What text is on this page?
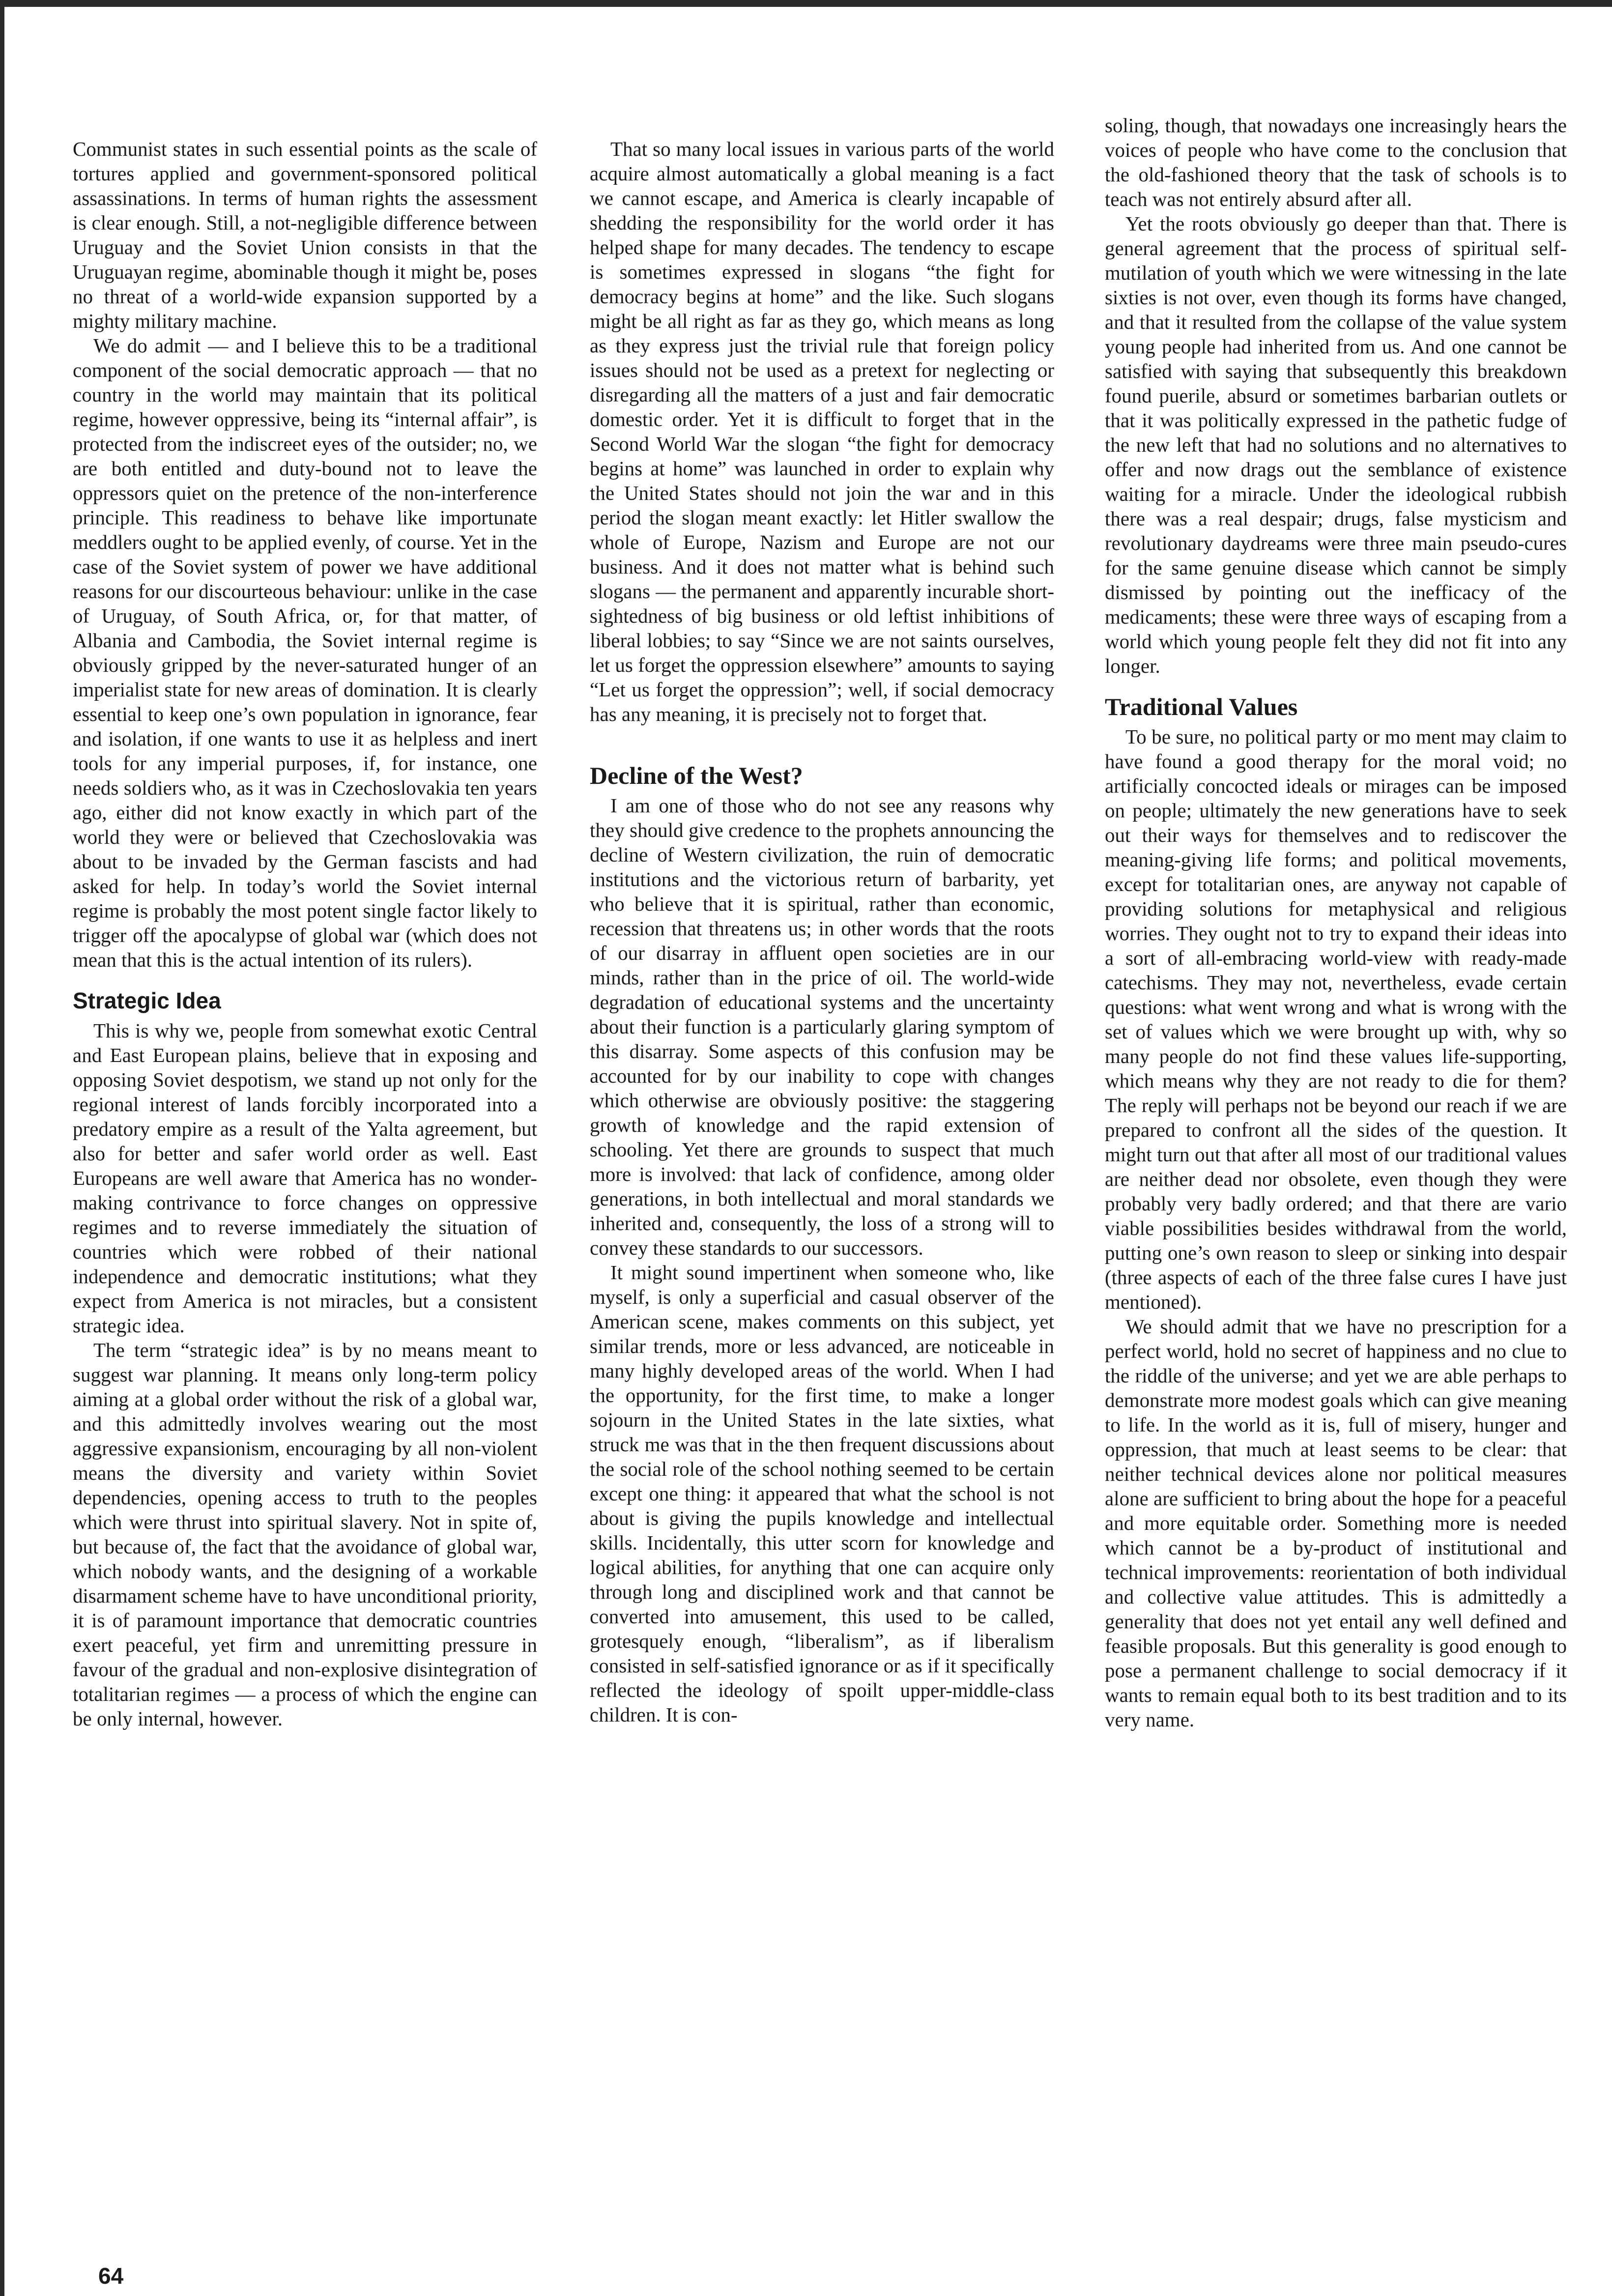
Communist states in such essential points as the scale of tortures applied and government-sponsored political assassinations. In terms of human rights the assessment is clear enough. Still, a not-negligible difference between Uruguay and the Soviet Union consists in that the Uruguayan regime, abominable though it might be, poses no threat of a world-wide expansion supported by a mighty military machine.

We do admit — and I believe this to be a traditional component of the social democratic approach — that no country in the world may maintain that its political regime, however oppressive, being its “internal affair”, is protected from the indiscreet eyes of the outsider; no, we are both entitled and duty-bound not to leave the oppressors quiet on the pretence of the non-interference principle. This readiness to behave like importunate meddlers ought to be applied evenly, of course. Yet in the case of the Soviet system of power we have additional reasons for our discourteous behaviour: unlike in the case of Uruguay, of South Africa, or, for that matter, of Albania and Cambodia, the Soviet internal regime is obviously gripped by the never-saturated hunger of an imperialist state for new areas of domination. It is clearly essential to keep one’s own population in ignorance, fear and isolation, if one wants to use it as helpless and inert tools for any imperial purposes, if, for instance, one needs soldiers who, as it was in Czechoslovakia ten years ago, either did not know exactly in which part of the world they were or believed that Czechoslovakia was about to be invaded by the German fascists and had asked for help. In today’s world the Soviet internal regime is probably the most potent single factor likely to trigger off the apocalypse of global war (which does not mean that this is the actual intention of its rulers).

Strategic Idea

This is why we, people from somewhat exotic Central and East European plains, believe that in exposing and opposing Soviet despotism, we stand up not only for the regional interest of lands forcibly incorporated into a predatory empire as a result of the Yalta agreement, but also for better and safer world order as well. East Europeans are well aware that America has no wonder-making contrivance to force changes on oppressive regimes and to reverse immediately the situation of countries which were robbed of their national independence and democratic institutions; what they expect from America is not miracles, but a consistent strategic idea.

The term “strategic idea” is by no means meant to suggest war planning. It means only long-term policy aiming at a global order without the risk of a global war, and this admittedly involves wearing out the most aggressive expansionism, encouraging by all non-violent means the diversity and variety within Soviet dependencies, opening access to truth to the peoples which were thrust into spiritual slavery. Not in spite of, but because of, the fact that the avoidance of global war, which nobody wants, and the designing of a workable disarmament scheme have to have unconditional priority, it is of paramount importance that democratic countries exert peaceful, yet firm and unremitting pressure in favour of the gradual and non-explosive disintegration of totalitarian regimes — a process of which the engine can be only internal, however.

That so many local issues in various parts of the world acquire almost automatically a global meaning is a fact we cannot escape, and America is clearly incapable of shedding the responsibility for the world order it has helped shape for many decades. The tendency to escape is sometimes expressed in slogans “the fight for democracy begins at home” and the like. Such slogans might be all right as far as they go, which means as long as they express just the trivial rule that foreign policy issues should not be used as a pretext for neglecting or disregarding all the matters of a just and fair democratic domestic order. Yet it is difficult to forget that in the Second World War the slogan “the fight for democracy begins at home” was launched in order to explain why the United States should not join the war and in this period the slogan meant exactly: let Hitler swallow the whole of Europe, Nazism and Europe are not our business. And it does not matter what is behind such slogans — the permanent and apparently incurable short-sightedness of big business or old leftist inhibitions of liberal lobbies; to say “Since we are not saints ourselves, let us forget the oppression elsewhere” amounts to saying “Let us forget the oppression”; well, if social democracy has any meaning, it is precisely not to forget that.

Decline of the West?

I am one of those who do not see any reasons why they should give credence to the prophets announcing the decline of Western civilization, the ruin of democratic institutions and the victorious return of barbarity, yet who believe that it is spiritual, rather than economic, recession that threatens us; in other words that the roots of our disarray in affluent open societies are in our minds, rather than in the price of oil. The world-wide degradation of educational systems and the uncertainty about their function is a particularly glaring symptom of this disarray. Some aspects of this confusion may be accounted for by our inability to cope with changes which otherwise are obviously positive: the staggering growth of knowledge and the rapid extension of schooling. Yet there are grounds to suspect that much more is involved: that lack of confidence, among older generations, in both intellectual and moral standards we inherited and, consequently, the loss of a strong will to convey these standards to our successors.

It might sound impertinent when someone who, like myself, is only a superficial and casual observer of the American scene, makes comments on this subject, yet similar trends, more or less advanced, are noticeable in many highly developed areas of the world. When I had the opportunity, for the first time, to make a longer sojourn in the United States in the late sixties, what struck me was that in the then frequent discussions about the social role of the school nothing seemed to be certain except one thing: it appeared that what the school is not about is giving the pupils knowledge and intellectual skills. Incidentally, this utter scorn for knowledge and logical abilities, for anything that one can acquire only through long and disciplined work and that cannot be converted into amusement, this used to be called, grotesquely enough, “liberalism”, as if liberalism consisted in self-satisfied ignorance or as if it specifically reflected the ideology of spoilt upper-middle-class children. It is con-

soling, though, that nowadays one increasingly hears the voices of people who have come to the conclusion that the old-fashioned theory that the task of schools is to teach was not entirely absurd after all.

Yet the roots obviously go deeper than that. There is general agreement that the process of spiritual self-mutilation of youth which we were witnessing in the late sixties is not over, even though its forms have changed, and that it resulted from the collapse of the value system young people had inherited from us. And one cannot be satisfied with saying that subsequently this breakdown found puerile, absurd or sometimes barbarian outlets or that it was politically expressed in the pathetic fudge of the new left that had no solutions and no alternatives to offer and now drags out the semblance of existence waiting for a miracle. Under the ideological rubbish there was a real despair; drugs, false mysticism and revolutionary daydreams were three main pseudo-cures for the same genuine disease which cannot be simply dismissed by pointing out the inefficacy of the medicaments; these were three ways of escaping from a world which young people felt they did not fit into any longer.

Traditional Values

To be sure, no political party or mo ment may claim to have found a good therapy for the moral void; no artificially concocted ideals or mirages can be imposed on people; ultimately the new generations have to seek out their ways for themselves and to rediscover the meaning-giving life forms; and political movements, except for totalitarian ones, are anyway not capable of providing solutions for metaphysical and religious worries. They ought not to try to expand their ideas into a sort of all-embracing world-view with ready-made catechisms. They may not, nevertheless, evade certain questions: what went wrong and what is wrong with the set of values which we were brought up with, why so many people do not find these values life-supporting, which means why they are not ready to die for them? The reply will perhaps not be beyond our reach if we are prepared to confront all the sides of the question. It might turn out that after all most of our traditional values are neither dead nor obsolete, even though they were probably very badly ordered; and that there are vario viable possibilities besides withdrawal from the world, putting one’s own reason to sleep or sinking into despair (three aspects of each of the three false cures I have just mentioned).

We should admit that we have no prescription for a perfect world, hold no secret of happiness and no clue to the riddle of the universe; and yet we are able perhaps to demonstrate more modest goals which can give meaning to life. In the world as it is, full of misery, hunger and oppression, that much at least seems to be clear: that neither technical devices alone nor political measures alone are sufficient to bring about the hope for a peaceful and more equitable order. Something more is needed which cannot be a by-product of institutional and technical improvements: reorientation of both individual and collective value attitudes. This is admittedly a generality that does not yet entail any well defined and feasible proposals. But this generality is good enough to pose a permanent challenge to social democracy if it wants to remain equal both to its best tradition and to its very name.

64
